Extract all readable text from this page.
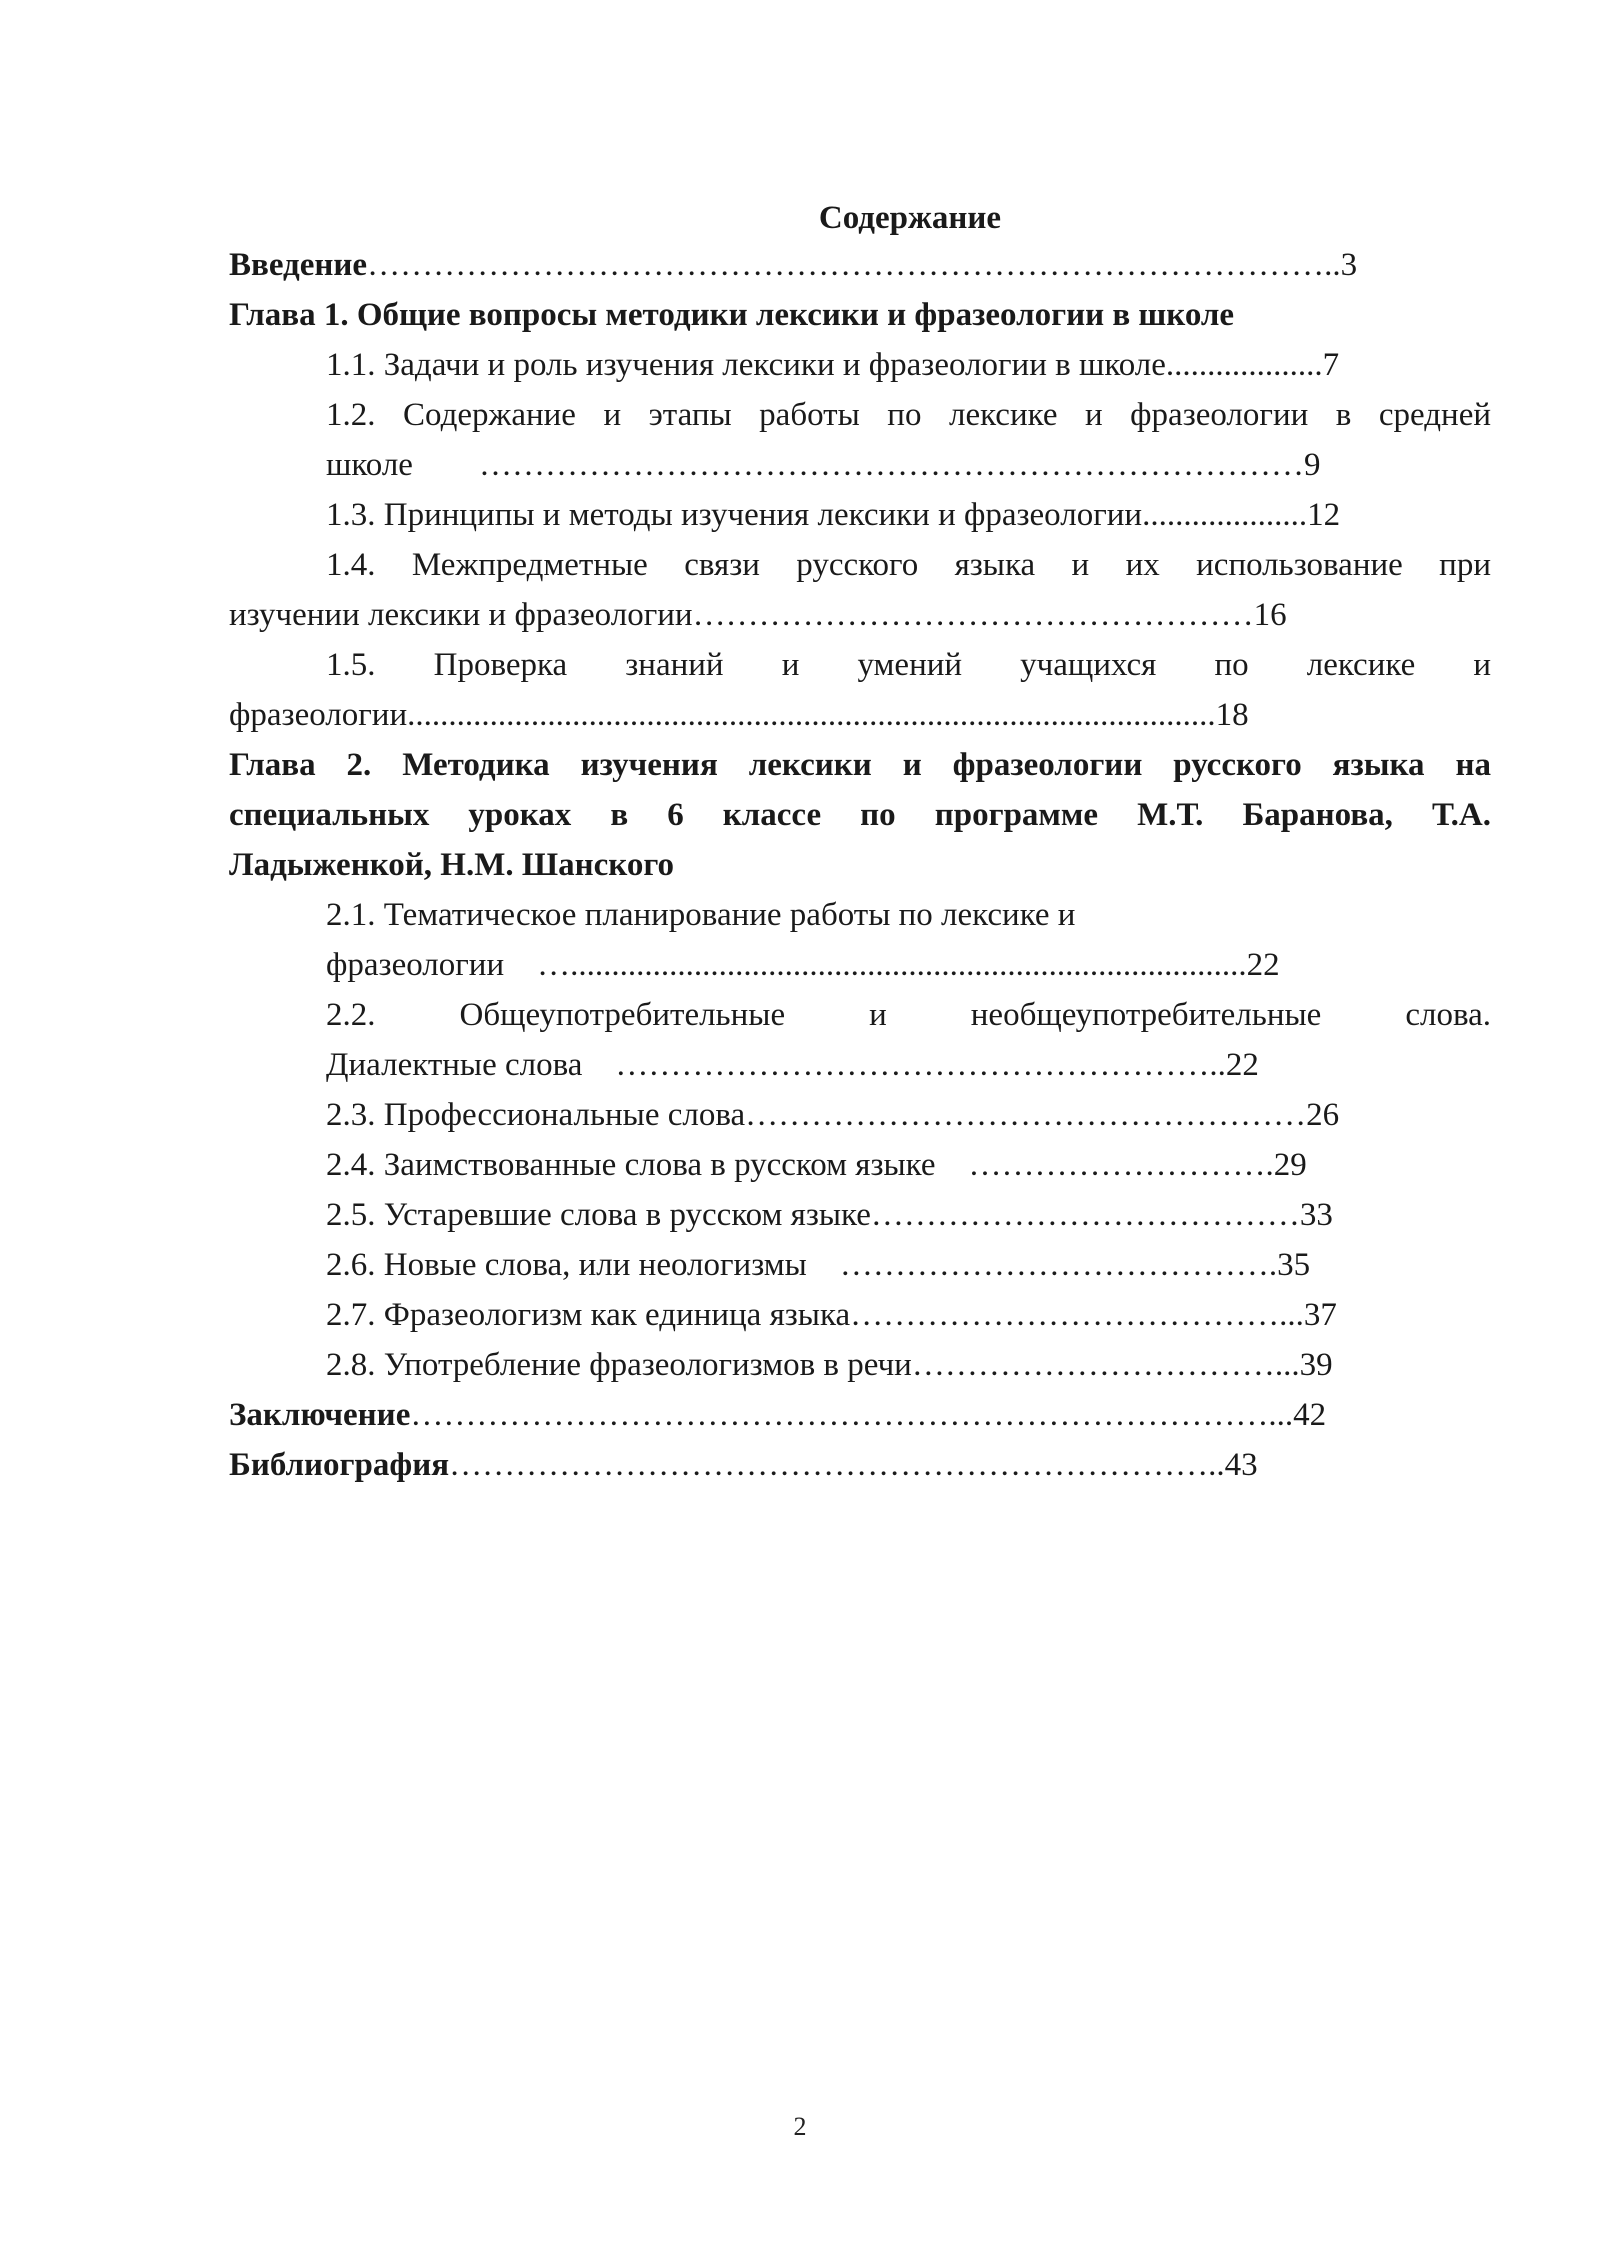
Содержание

Введение……………………………………………………………………………..3

Глава 1. Общие вопросы методики лексики и фразеологии в школе

1.1. Задачи и роль изучения лексики и фразеологии в школе...................7

1.2. Содержание и этапы работы по лексике и фразеологии в средней
школе        …………………………………………………………………9

1.3. Принципы и методы изучения лексики и фразеологии....................12

1.4. Межпредметные связи русского языка и их использование при
изучении лексики и фразеологии……………………………………………16

1.5. Проверка знаний и умений учащихся по лексике и
фразеологии..................................................................................................18

Глава 2. Методика изучения лексики и фразеологии русского языка на
специальных уроках в 6 классе по программе М.Т. Баранова, Т.А.
Ладыженкой, Н.М. Шанского

2.1. Тематическое планирование работы по лексике и
фразеологии    …..................................................................................22

2.2. Общеупотребительные и необщеупотребительные слова.
Диалектные слова    ………………………………………………..22

2.3. Профессиональные слова……………………………………………26

2.4. Заимствованные слова в русском языке    ……………………….29

2.5. Устаревшие слова в русском языке…………………………………33

2.6. Новые слова, или неологизмы    ………………………………….35

2.7. Фразеологизм как единица языка…………………………………...37

2.8. Употребление фразеологизмов в речи……………………………...39

Заключение……………………………………………………………………...42

Библиография……………………………………………………………..43

2
